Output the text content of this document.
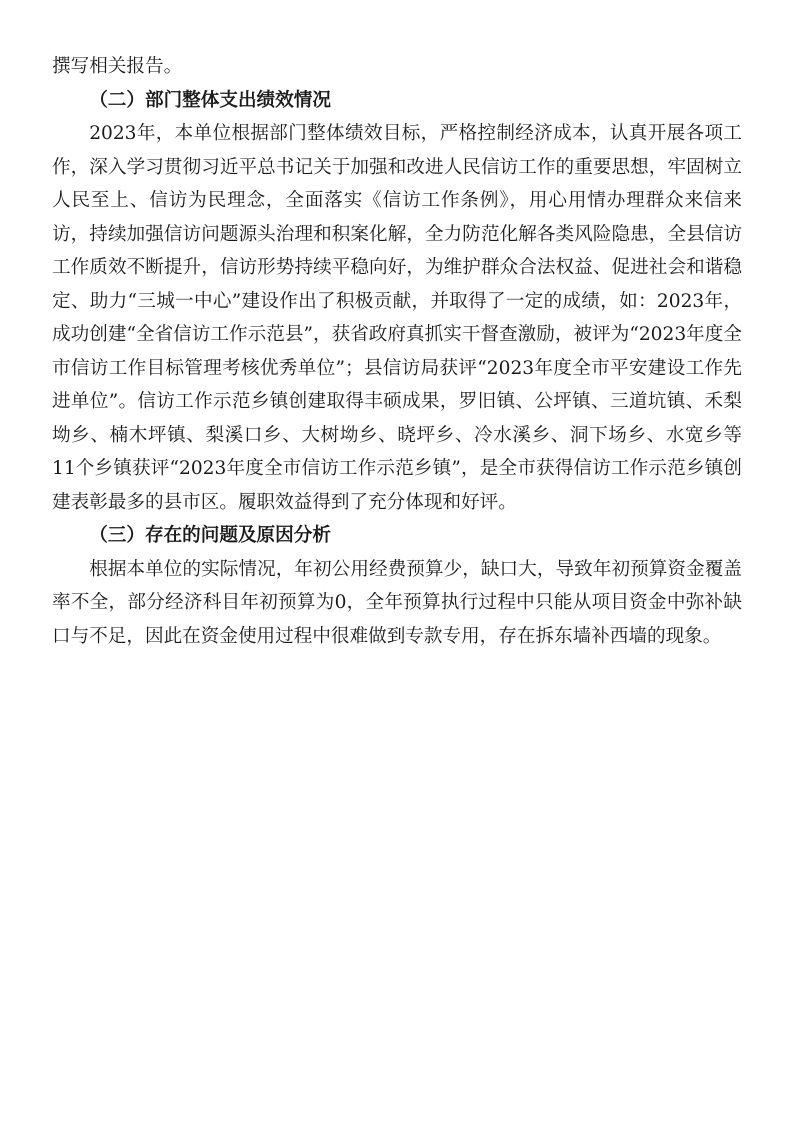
撰写相关报告。

（二）部门整体支出绩效情况

2023年，本单位根据部门整体绩效目标，严格控制经济成本，认真开展各项工作，深入学习贯彻习近平总书记关于加强和改进人民信访工作的重要思想，牢固树立人民至上、信访为民理念，全面落实《信访工作条例》，用心用情办理群众来信来访，持续加强信访问题源头治理和积案化解，全力防范化解各类风险隐患，全县信访工作质效不断提升，信访形势持续平稳向好，为维护群众合法权益、促进社会和谐稳定、助力“三城一中心”建设作出了积极贡献，并取得了一定的成绩，如：2023年，成功创建“全省信访工作示范县”，获省政府真抓实干督查激励，被评为“2023年度全市信访工作目标管理考核优秀单位”；县信访局获评“2023年度全市平安建设工作先进单位”。信访工作示范乡镇创建取得丰硕成果，罗旧镇、公坪镇、三道坑镇、禾梨坳乡、楠木坪镇、梨溪口乡、大树坳乡、晓坪乡、冷水溪乡、洞下场乡、水宽乡等11个乡镇获评“2023年度全市信访工作示范乡镇”，是全市获得信访工作示范乡镇创建表彰最多的县市区。履职效益得到了充分体现和好评。

（三）存在的问题及原因分析

根据本单位的实际情况，年初公用经费预算少，缺口大，导致年初预算资金覆盖率不全，部分经济科目年初预算为0，全年预算执行过程中只能从项目资金中弥补缺口与不足，因此在资金使用过程中很难做到专款专用，存在拆东墙补西墙的现象。
